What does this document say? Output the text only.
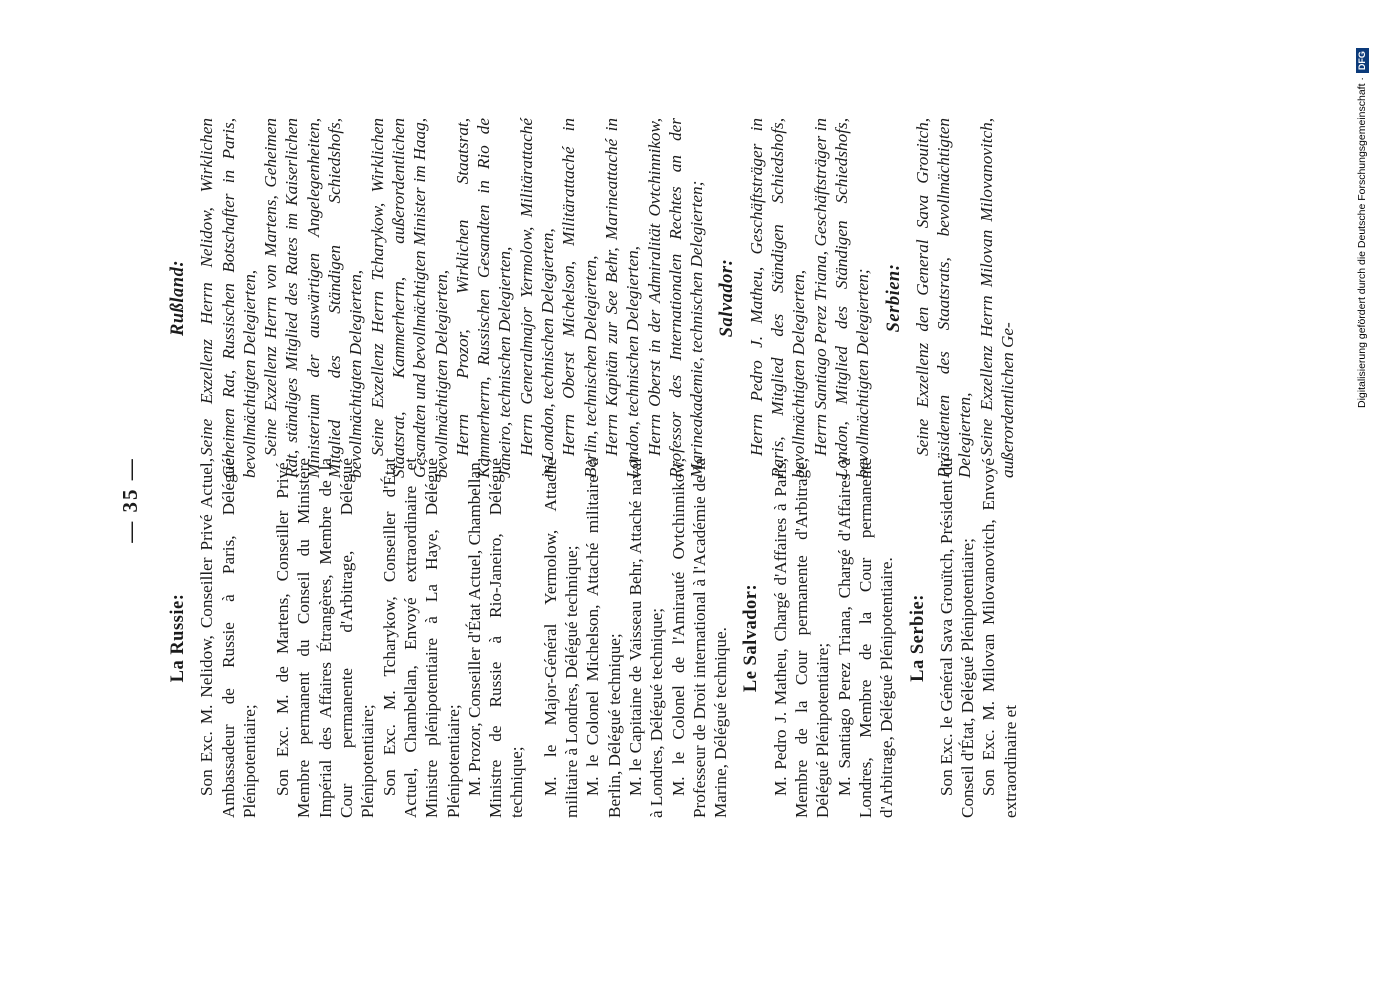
— 35 —
La Russie: Son Exc. M. Nelidow, Conseiller Privé Actuel, Ambassadeur de Russie à Paris, Délégué Plénipotentiaire; Son Exc. M. de Martens, Conseiller Privé, Membre permanent du Conseil du Ministère Impérial des Affaires Étrangères, Membre de la Cour permanente d'Arbitrage, Délégué Plénipotentiaire; Son Exc. M. Tcharykow, Conseiller d'État Actuel, Chambellan, Envoyé extraordinaire et Ministre plénipotentiaire à La Haye, Délégué Plénipotentiaire; M. Prozor, Conseiller d'État Actuel, Chambellan, Ministre de Russie à Rio-Janeiro, Délégué technique; M. le Major-Général Yermolow, Attaché militaire à Londres, Délégué technique; M. le Colonel Michelson, Attaché militaire à Berlin, Délégué technique; M. le Capitaine de Vaisseau Behr, Attaché naval à Londres, Délégué technique; M. le Colonel de l'Amirauté Ovtchinnikow, Professeur de Droit international à l'Académie de la Marine, Délégué technique. Le Salvador: M. Pedro J. Matheu, Chargé d'Affaires à Paris, Membre de la Cour permanente d'Arbitrage, Délégué Plénipotentiaire; M. Santiago Perez Triana, Chargé d'Affaires à Londres, Membre de la Cour permanente d'Arbitrage, Délégué Plénipotentiaire. La Serbie: Son Exc. le Général Sava Grouïtch, Président du Conseil d'État, Délégué Plénipotentiaire; Son Exc. M. Milovan Milovanovitch, Envoyé extraordinaire et

Rußland: Seine Exzellenz Herrn Nelidow, Wirklichen Geheimen Rat, Russischen Botschafter in Paris, bevollmächtigten Delegierten, Seine Exzellenz Herrn von Martens, Geheimen Rat, ständiges Mitglied des Rates im Kaiserlichen Ministerium der auswärtigen Angelegenheiten, Mitglied des Ständigen Schiedshofs, bevollmächtigten Delegierten, Seine Exzellenz Herrn Tcharykow, Wirklichen Staatsrat, Kammerherrn, außerordentlichen Gesandten und bevollmächtigten Minister im Haag, bevollmächtigten Delegierten, Herrn Prozor, Wirklichen Staatsrat, Kammerherrn, Russischen Gesandten in Rio de Janeiro, technischen Delegierten, Herrn Generalmajor Yermolow, Militärattaché in London, technischen Delegierten, Herrn Oberst Michelson, Militärattaché in Berlin, technischen Delegierten, Herrn Kapitän zur See Behr, Marineattaché in London, technischen Delegierten, Herrn Oberst in der Admiralität Ovtchinnikow, Professor des Internationalen Rechtes an der Marineakademie, technischen Delegierten; Salvador: Herrn Pedro J. Matheu, Geschäftsträger in Paris, Mitglied des Ständigen Schiedshofs, bevollmächtigten Delegierten, Herrn Santiago Perez Triana, Geschäftsträger in London, Mitglied des Ständigen Schiedshofs, bevollmächtigten Delegierten; Serbien: Seine Exzellenz den General Sava Grouitch, Präsidenten des Staatsrats, bevollmächtigten Delegierten, Seine Exzellenz Herrn Milovan Milovanovitch, außerordentlichen Ge-	Digitalisierung gefördert durch die Deutsche Forschungsgemeinschaft ·
DFG
